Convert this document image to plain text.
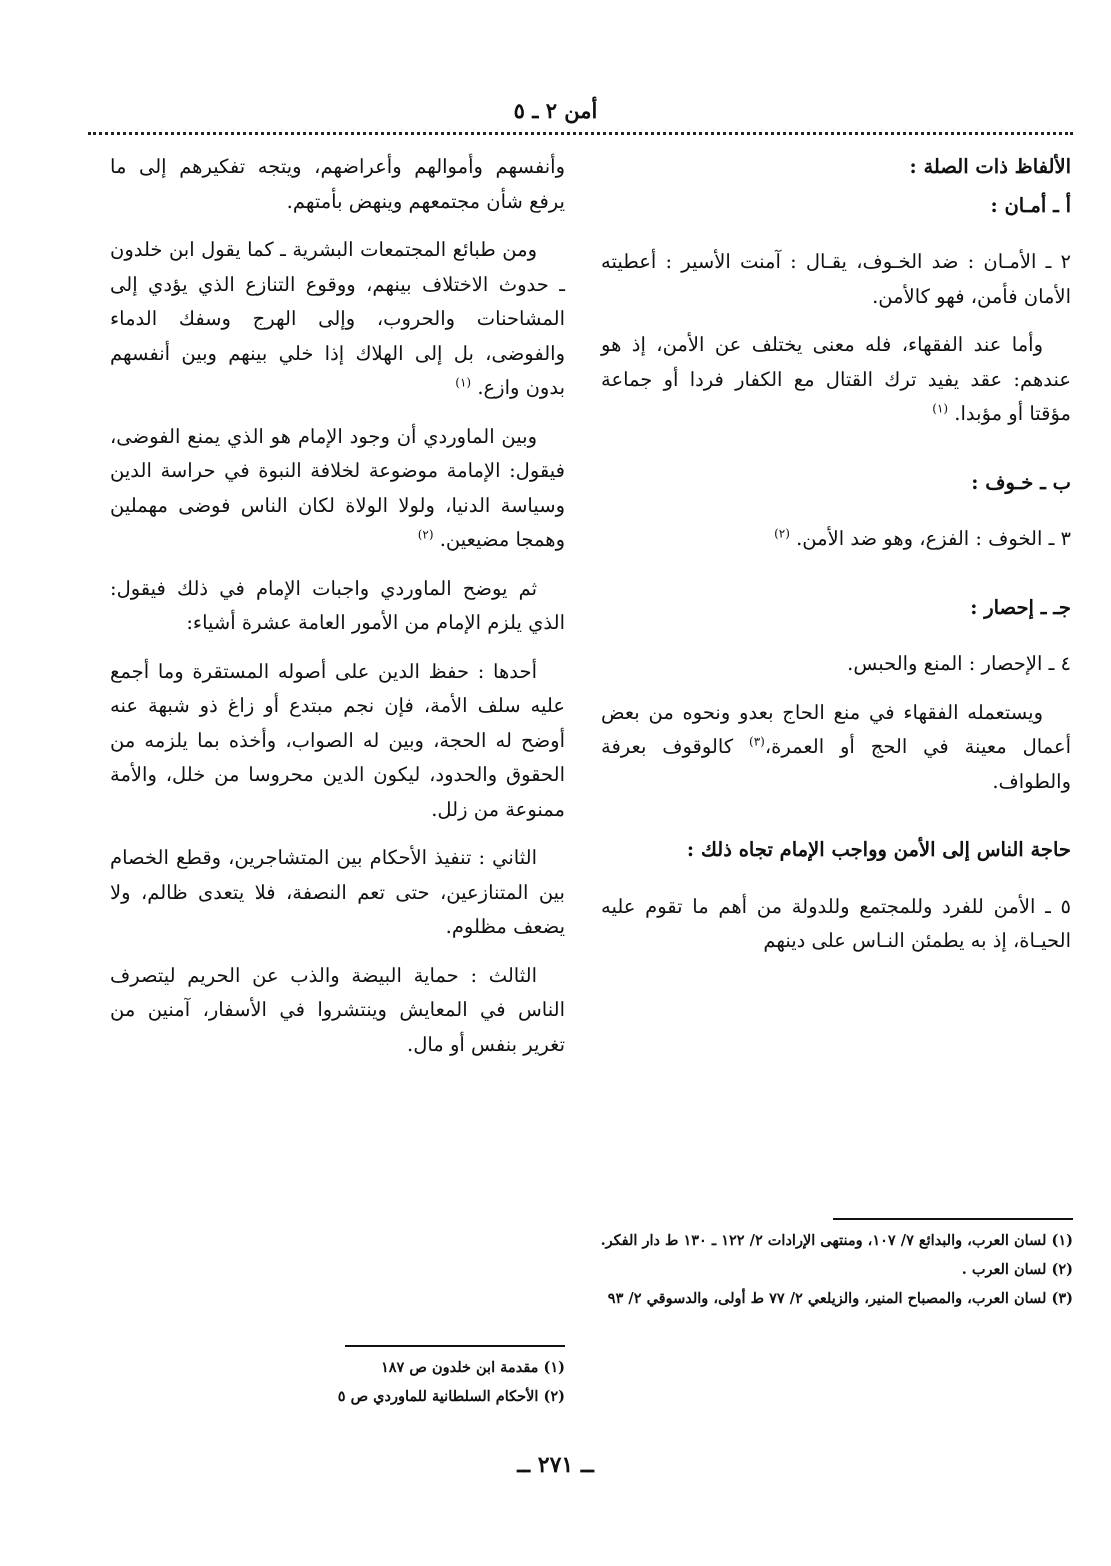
أمن ٢ ـ ٥

الألفاظ ذات الصلة :

أ ـ أمـان :

٢ ـ الأمـان : ضد الخـوف، يقـال : آمنت الأسير : أعطيته الأمان فأمن، فهو كالأمن.

وأما عند الفقهاء، فله معنى يختلف عن الأمن، إذ هو عندهم: عقد يفيد ترك القتال مع الكفار فردا أو جماعة مؤقتا أو مؤبدا. $^{(١)}$

ب ـ خـوف :

٣ ـ الخوف : الفزع، وهو ضد الأمن. $^{(٢)}$

جـ ـ إحصار :

٤ ـ الإحصار : المنع والحبس.

ويستعمله الفقهاء في منع الحاج بعدو ونحوه من بعض أعمال معينة في الحج أو العمرة،$^{(٣)}$ كالوقوف بعرفة والطواف.

حاجة الناس إلى الأمن وواجب الإمام تجاه ذلك :

٥ ـ الأمن للفرد وللمجتمع وللدولة من أهم ما تقوم عليه الحيـاة، إذ به يطمئن النـاس على دينهم

وأنفسهم وأموالهم وأعراضهم، ويتجه تفكيرهم إلى ما يرفع شأن مجتمعهم وينهض بأمتهم.

ومن طبائع المجتمعات البشرية ـ كما يقول ابن خلدون ـ حدوث الاختلاف بينهم، ووقوع التنازع الذي يؤدي إلى المشاحنات والحروب، وإلى الهرج وسفك الدماء والفوضى، بل إلى الهلاك إذا خلي بينهم وبين أنفسهم بدون وازع. $^{(١)}$

وبين الماوردي أن وجود الإمام هو الذي يمنع الفوضى، فيقول: الإمامة موضوعة لخلافة النبوة في حراسة الدين وسياسة الدنيا، ولولا الولاة لكان الناس فوضى مهملين وهمجا مضيعين. $^{(٢)}$

ثم يوضح الماوردي واجبات الإمام في ذلك فيقول: الذي يلزم الإمام من الأمور العامة عشرة أشياء:

أحدها : حفظ الدين على أصوله المستقرة وما أجمع عليه سلف الأمة، فإن نجم مبتدع أو زاغ ذو شبهة عنه أوضح له الحجة، وبين له الصواب، وأخذه بما يلزمه من الحقوق والحدود، ليكون الدين محروسا من خلل، والأمة ممنوعة من زلل.

الثاني : تنفيذ الأحكام بين المتشاجرين، وقطع الخصام بين المتنازعين، حتى تعم النصفة، فلا يتعدى ظالم، ولا يضعف مظلوم.

الثالث : حماية البيضة والذب عن الحريم ليتصرف الناس في المعايش وينتشروا في الأسفار، آمنين من تغرير بنفس أو مال.

(١) لسان العرب، والبدائع ٧/ ١٠٧، ومنتهى الإرادات ٢/ ١٢٢ ـ ١٣٠ ط دار الفكر.

(٢) لسان العرب .

(٣) لسان العرب، والمصباح المنير، والزيلعي ٢/ ٧٧ ط أولى، والدسوقي ٢/ ٩٣

(١) مقدمة ابن خلدون ص ١٨٧

(٢) الأحكام السلطانية للماوردي ص ٥

ــ ٢٧١ ــ
